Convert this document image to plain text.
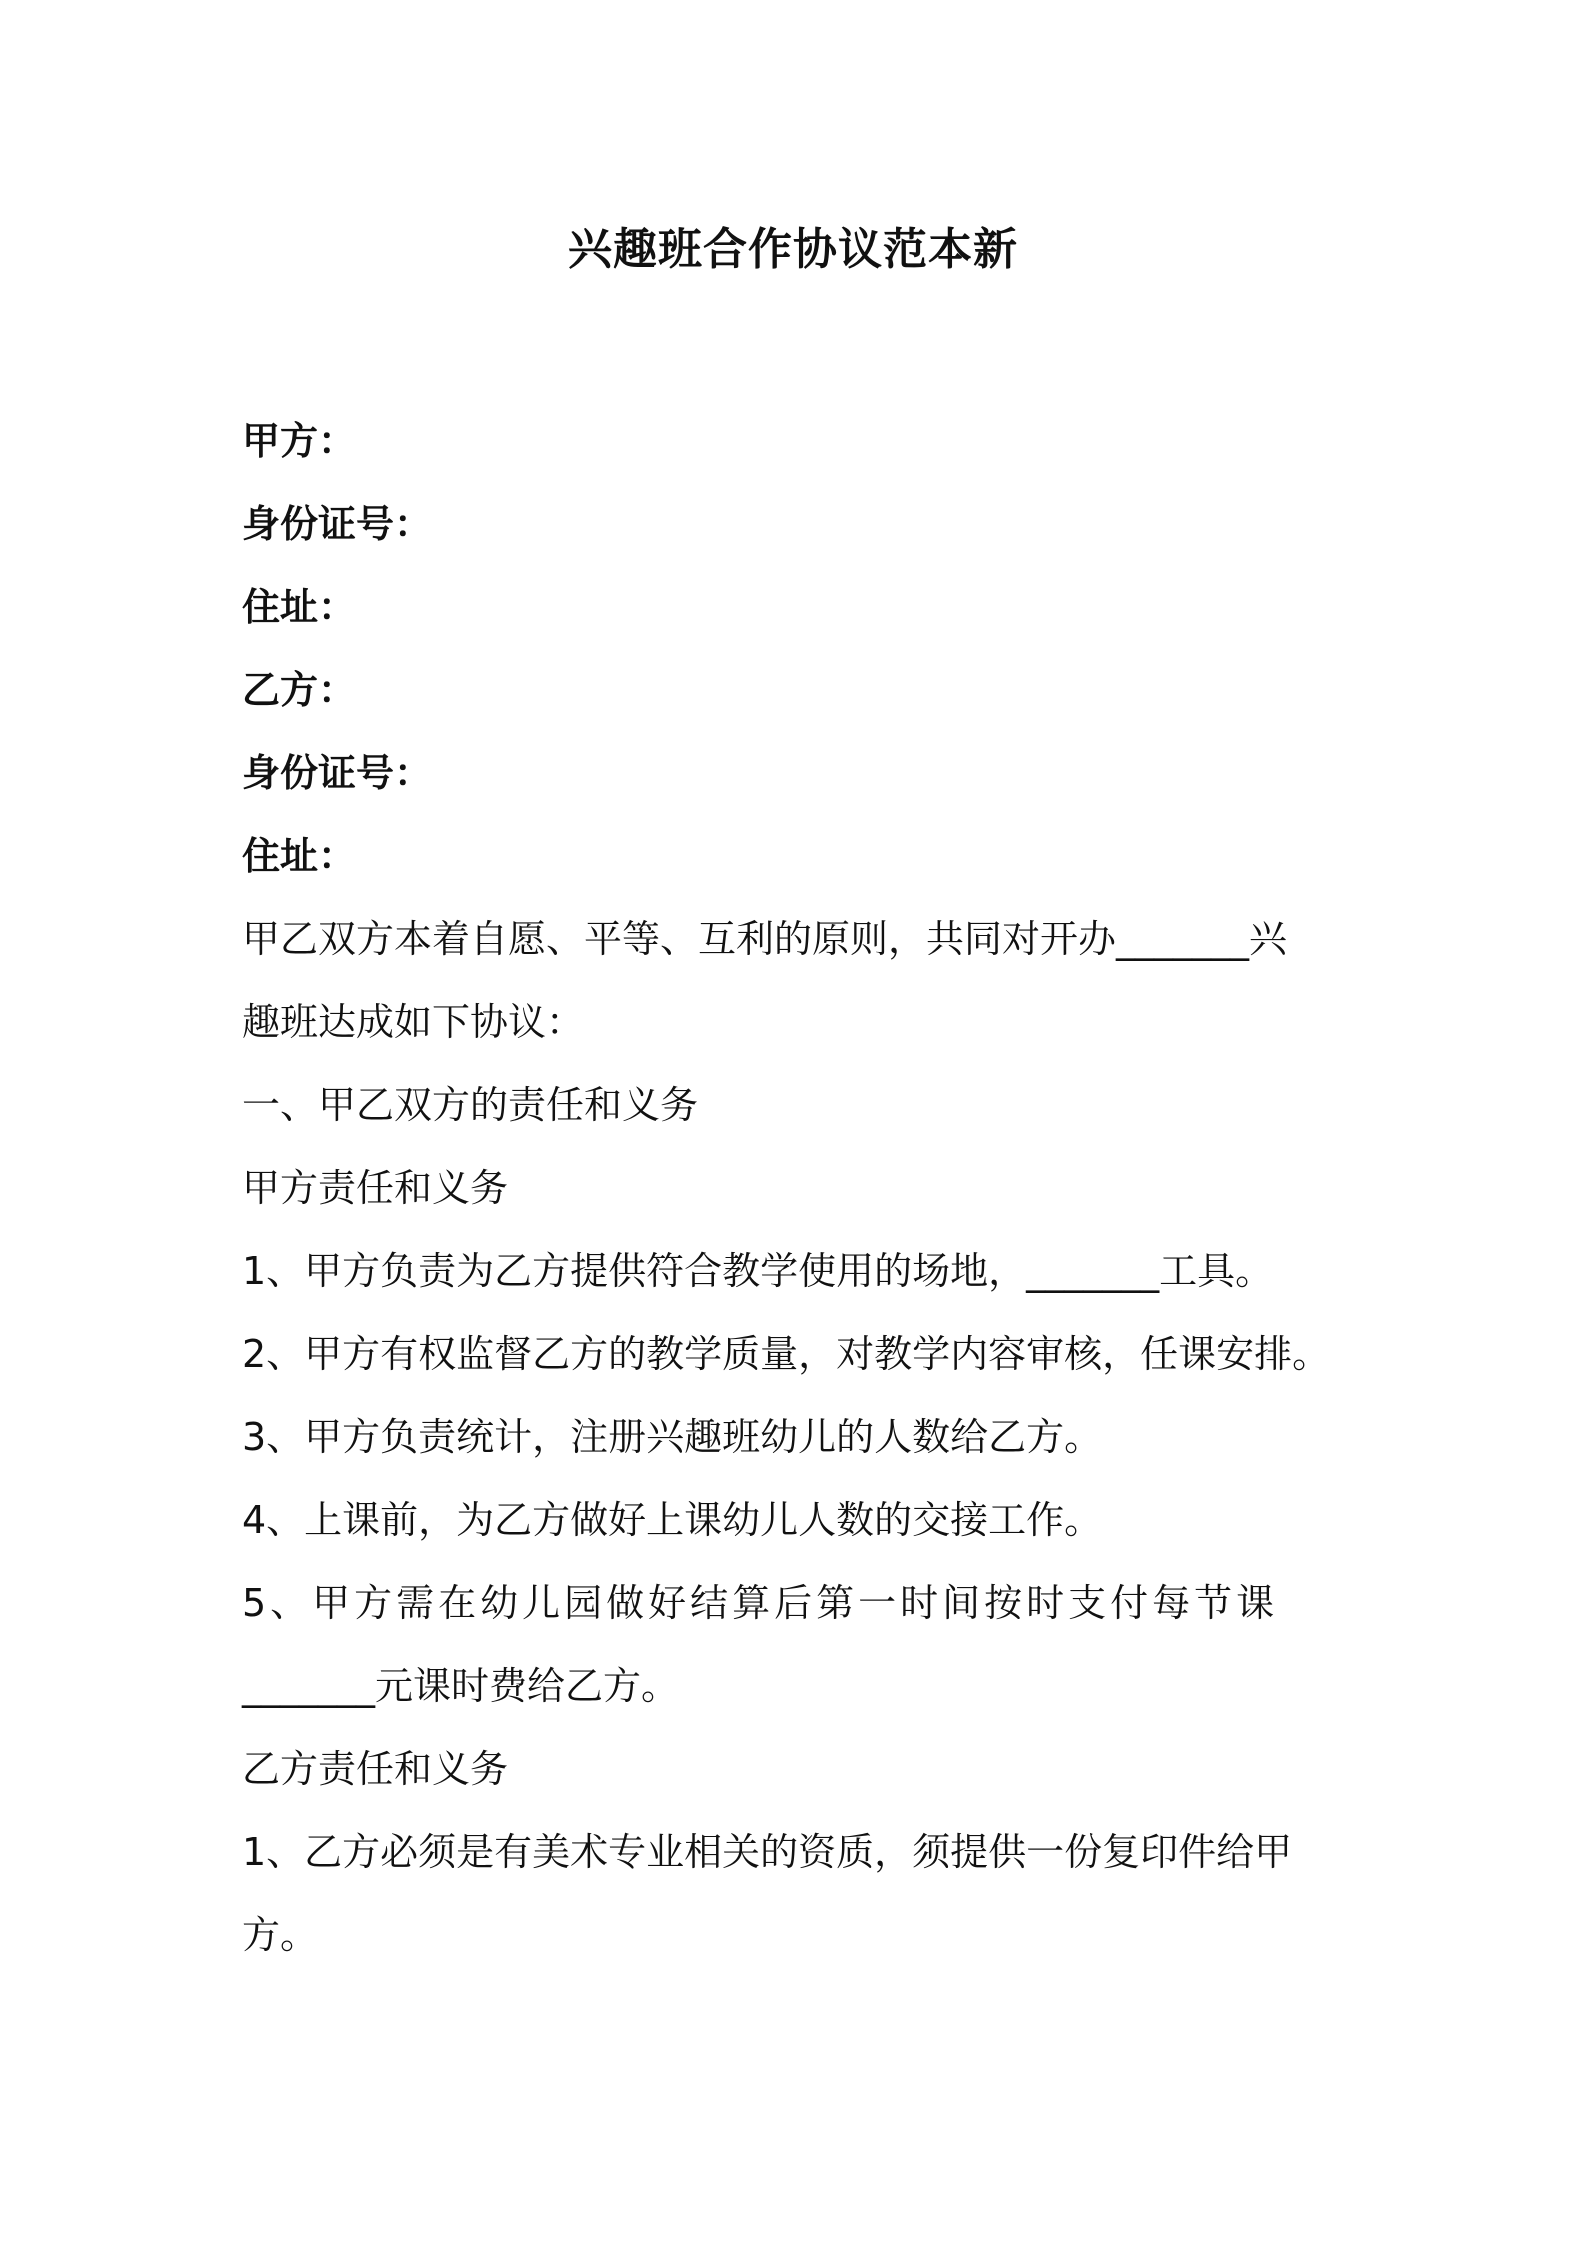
兴趣班合作协议范本新
甲方：
身份证号：
住址：
乙方：
身份证号：
住址：
甲乙双方本着自愿、平等、互利的原则，共同对开办_______兴
趣班达成如下协议：
一、甲乙双方的责任和义务
甲方责任和义务
1、甲方负责为乙方提供符合教学使用的场地，_______工具。
2、甲方有权监督乙方的教学质量，对教学内容审核，任课安排。
3、甲方负责统计，注册兴趣班幼儿的人数给乙方。
4、上课前，为乙方做好上课幼儿人数的交接工作。
5、甲方需在幼儿园做好结算后第一时间按时支付每节课
_______元课时费给乙方。
乙方责任和义务
1、乙方必须是有美术专业相关的资质，须提供一份复印件给甲
方。
